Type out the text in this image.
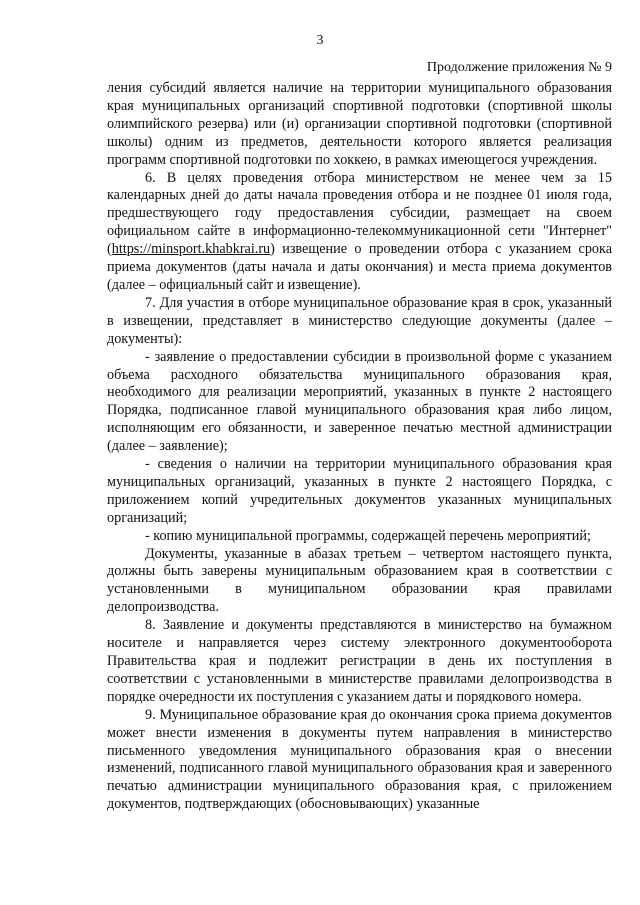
3
Продолжение приложения № 9

ления субсидий является наличие на территории муниципального образования края муниципальных организаций спортивной подготовки (спортивной школы олимпийского резерва) или (и) организации спортивной подготовки (спортивной школы) одним из предметов, деятельности которого является реализация программ спортивной подготовки по хоккею, в рамках имеющегося учреждения.

6. В целях проведения отбора министерством не менее чем за 15 календарных дней до даты начала проведения отбора и не позднее 01 июля года, предшествующего году предоставления субсидии, размещает на своем официальном сайте в информационно-телекоммуникационной сети "Интернет" (https://minsport.khabkrai.ru) извещение о проведении отбора с указанием срока приема документов (даты начала и даты окончания) и места приема документов (далее – официальный сайт и извещение).

7. Для участия в отборе муниципальное образование края в срок, указанный в извещении, представляет в министерство следующие документы (далее – документы):

- заявление о предоставлении субсидии в произвольной форме с указанием объема расходного обязательства муниципального образования края, необходимого для реализации мероприятий, указанных в пункте 2 настоящего Порядка, подписанное главой муниципального образования края либо лицом, исполняющим его обязанности, и заверенное печатью местной администрации (далее – заявление);

- сведения о наличии на территории муниципального образования края муниципальных организаций, указанных в пункте 2 настоящего Порядка, с приложением копий учредительных документов указанных муниципальных организаций;

- копию муниципальной программы, содержащей перечень мероприятий;

Документы, указанные в абазах третьем – четвертом настоящего пункта, должны быть заверены муниципальным образованием края в соответствии с установленными в муниципальном образовании края правилами делопроизводства.

8. Заявление и документы представляются в министерство на бумажном носителе и направляется через систему электронного документооборота Правительства края и подлежит регистрации в день их поступления в соответствии с установленными в министерстве правилами делопроизводства в порядке очередности их поступления с указанием даты и порядкового номера.

9. Муниципальное образование края до окончания срока приема документов может внести изменения в документы путем направления в министерство письменного уведомления муниципального образования края о внесении изменений, подписанного главой муниципального образования края и заверенного печатью администрации муниципального образования края, с приложением документов, подтверждающих (обосновывающих) указанные
